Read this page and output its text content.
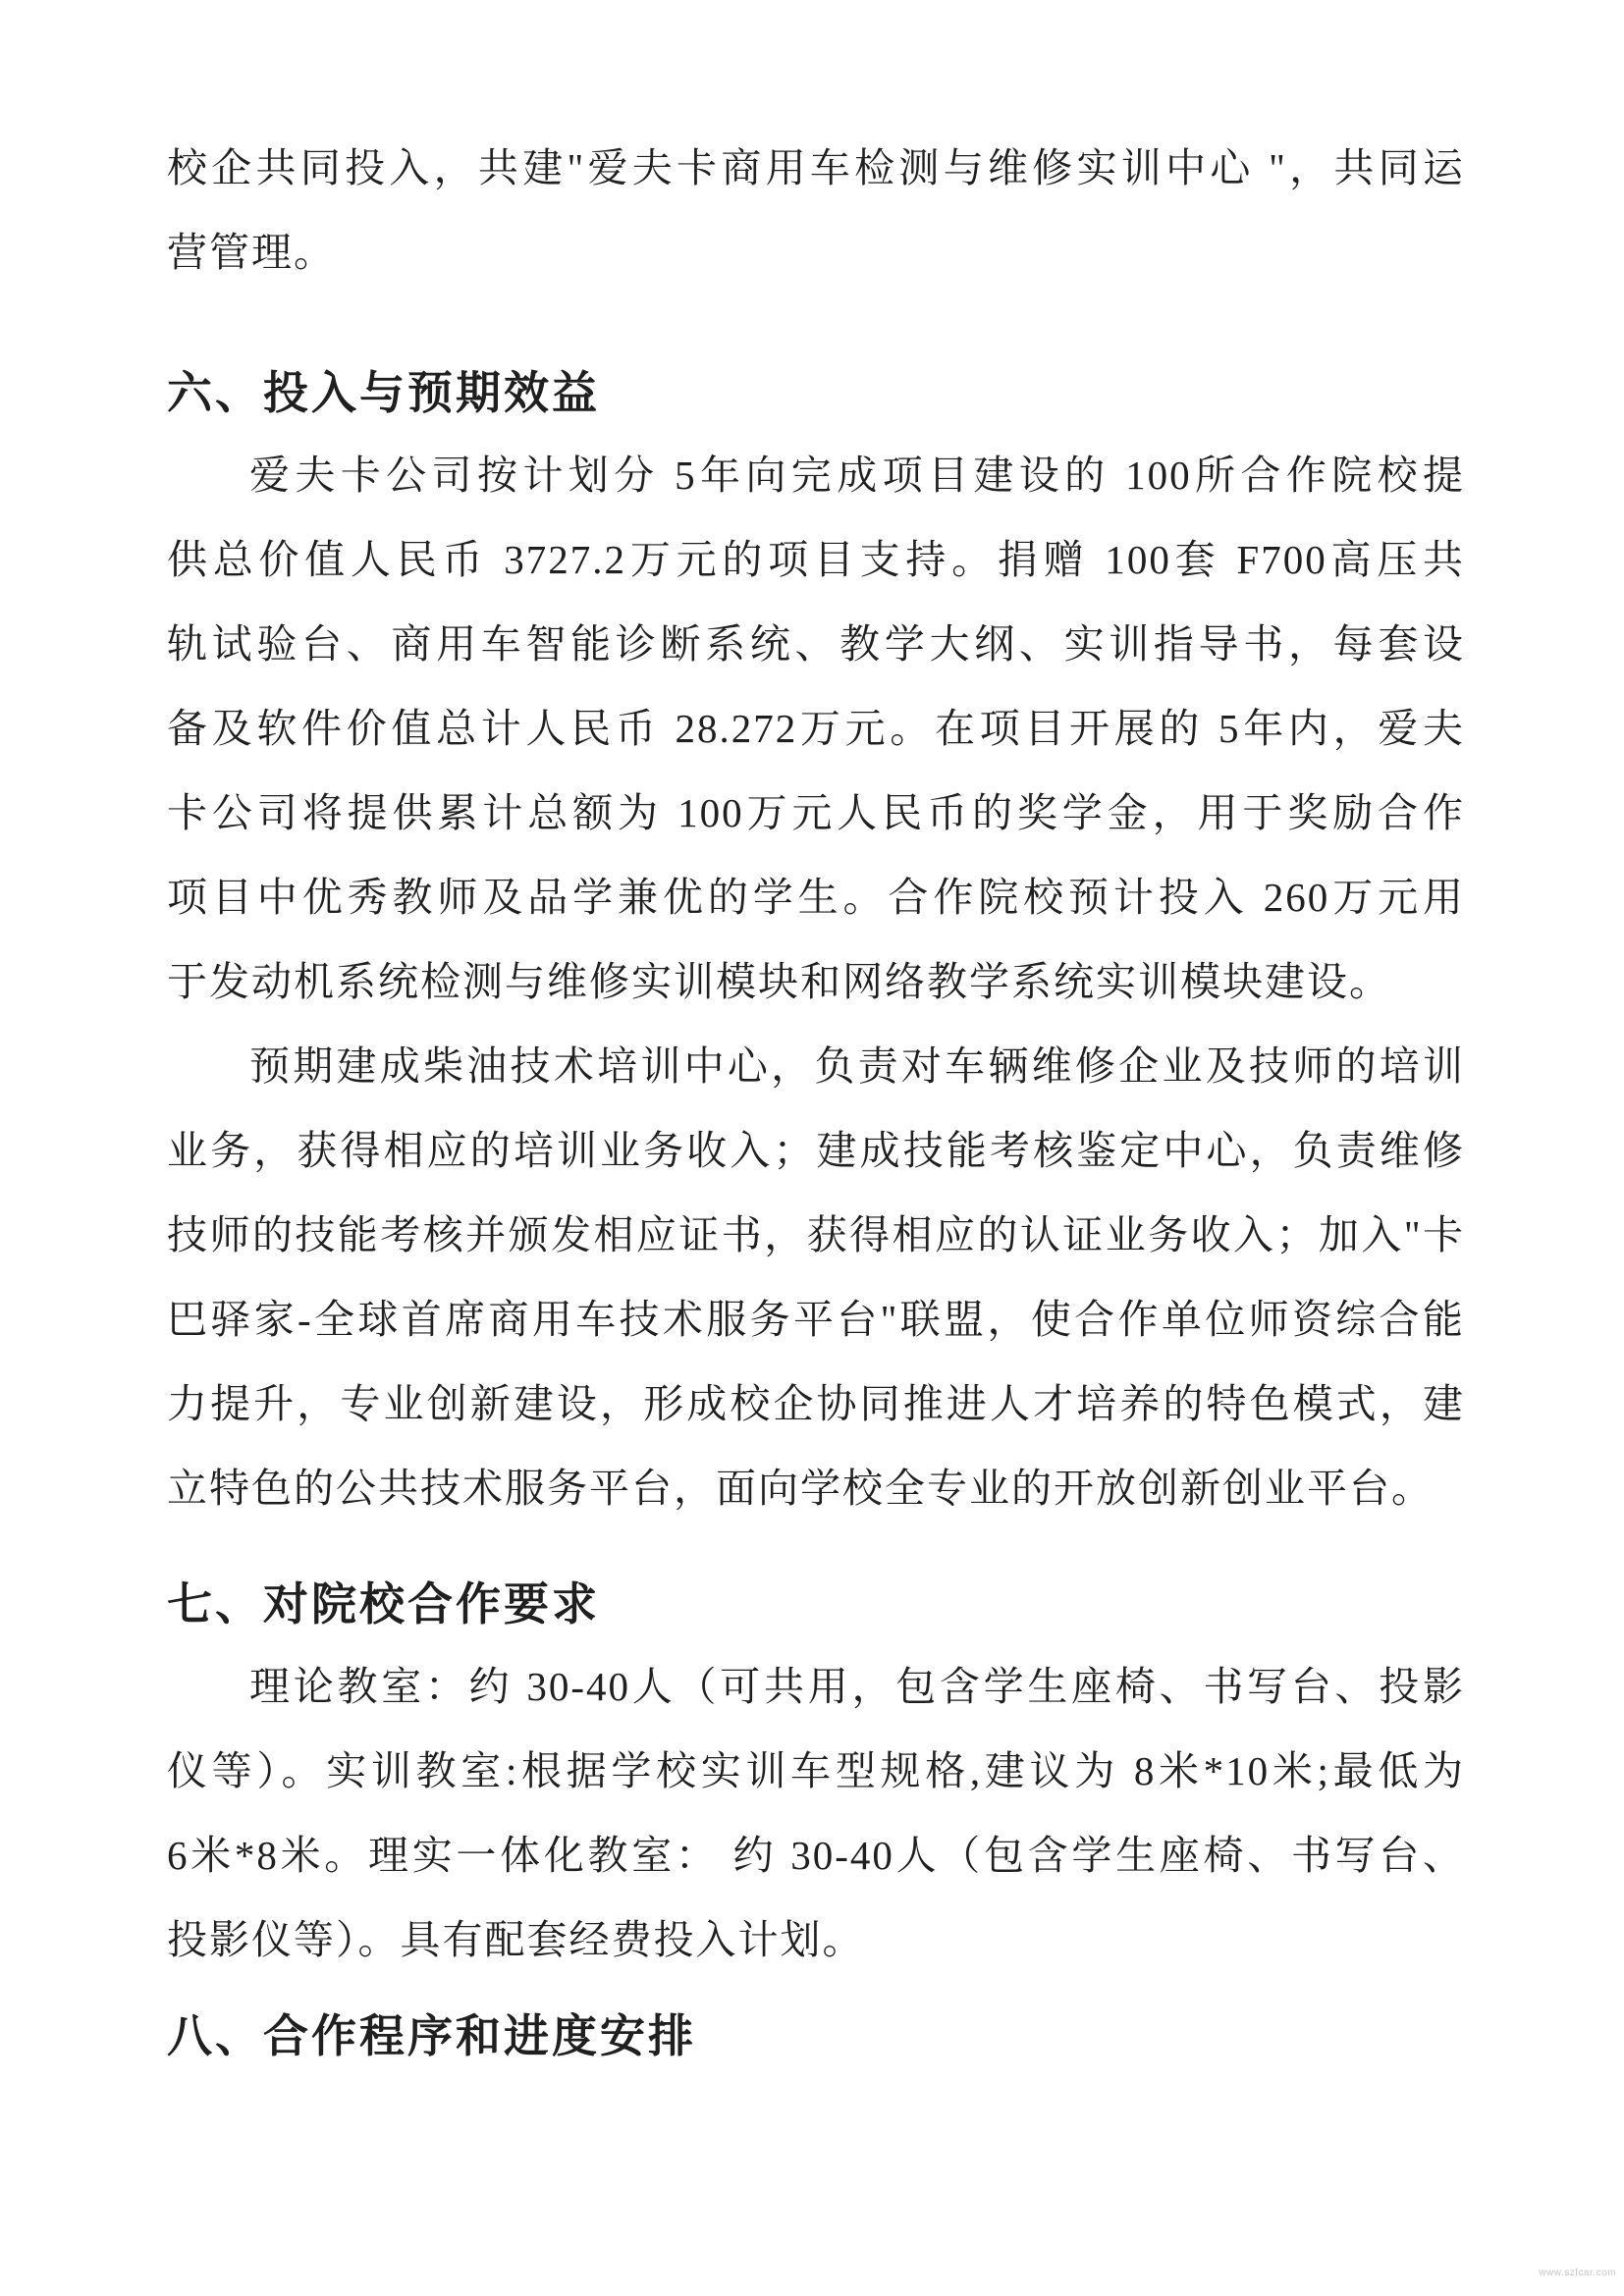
校企共同投入，共建"爱夫卡商用车检测与维修实训中心 "，共同运
营管理。
六、投入与预期效益
爱夫卡公司按计划分 5年向完成项目建设的 100所合作院校提
供总价值人民币 3727.2万元的项目支持。捐赠 100套 F700高压共
轨试验台、商用车智能诊断系统、教学大纲、实训指导书，每套设
备及软件价值总计人民币 28.272万元。在项目开展的 5年内，爱夫
卡公司将提供累计总额为 100万元人民币的奖学金，用于奖励合作
项目中优秀教师及品学兼优的学生。合作院校预计投入 260万元用
于发动机系统检测与维修实训模块和网络教学系统实训模块建设。
预期建成柴油技术培训中心，负责对车辆维修企业及技师的培训
业务，获得相应的培训业务收入；建成技能考核鉴定中心，负责维修
技师的技能考核并颁发相应证书，获得相应的认证业务收入；加入"卡
巴驿家-全球首席商用车技术服务平台"联盟，使合作单位师资综合能
力提升，专业创新建设，形成校企协同推进人才培养的特色模式，建
立特色的公共技术服务平台，面向学校全专业的开放创新创业平台。
七、对院校合作要求
理论教室：约 30-40人（可共用，包含学生座椅、书写台、投影
仪等）。实训教室:根据学校实训车型规格,建议为 8米*10米;最低为
6米*8米。理实一体化教室： 约 30-40人（包含学生座椅、书写台、
投影仪等）。具有配套经费投入计划。
八、合作程序和进度安排
www.szfcar.com
